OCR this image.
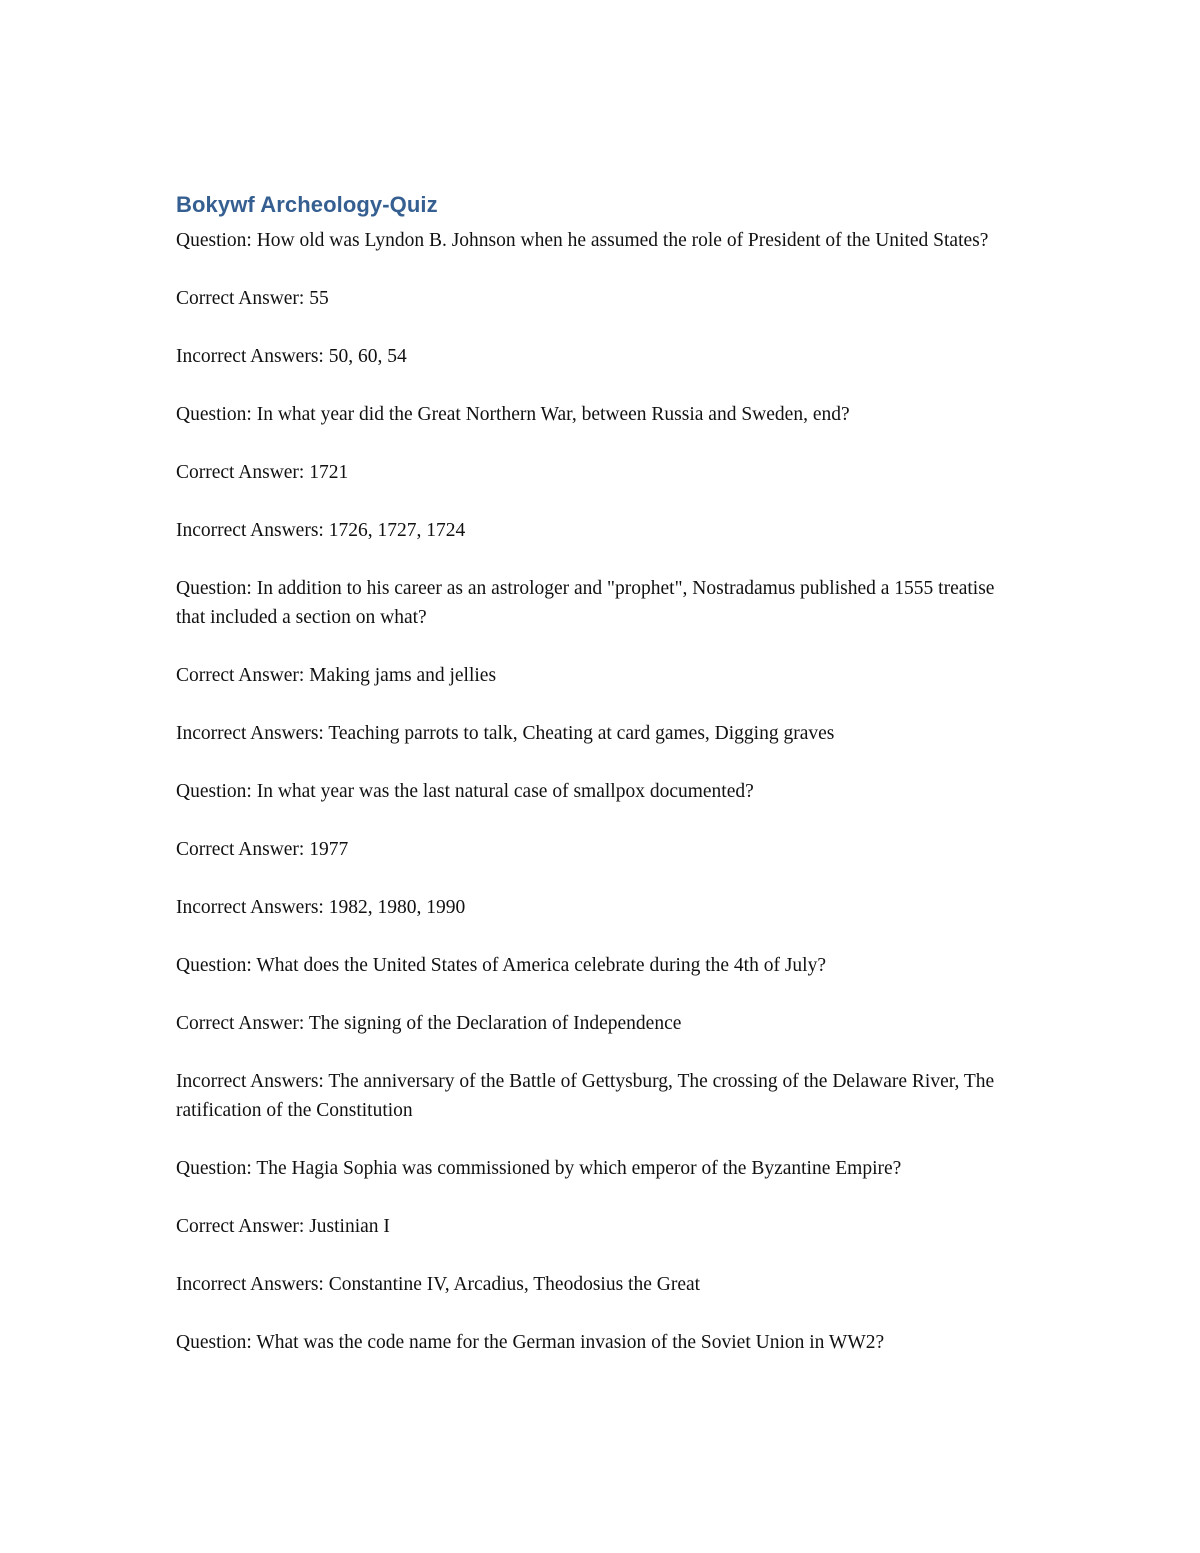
Bokywf Archeology-Quiz

Question: How old was Lyndon B. Johnson when he assumed the role of President of the United States?

Correct Answer: 55

Incorrect Answers: 50, 60, 54

Question: In what year did the Great Northern War, between Russia and Sweden, end?

Correct Answer: 1721

Incorrect Answers: 1726, 1727, 1724

Question: In addition to his career as an astrologer and "prophet", Nostradamus published a 1555 treatise that included a section on what?

Correct Answer: Making jams and jellies

Incorrect Answers: Teaching parrots to talk, Cheating at card games, Digging graves

Question: In what year was the last natural case of smallpox documented?

Correct Answer: 1977

Incorrect Answers: 1982, 1980, 1990

Question: What does the United States of America celebrate during the 4th of July?

Correct Answer: The signing of the Declaration of Independence

Incorrect Answers: The anniversary of the Battle of Gettysburg, The crossing of the Delaware River, The ratification of the Constitution

Question: The Hagia Sophia was commissioned by which emperor of the Byzantine Empire?

Correct Answer: Justinian I

Incorrect Answers: Constantine IV, Arcadius, Theodosius the Great

Question: What was the code name for the German invasion of the Soviet Union in WW2?
